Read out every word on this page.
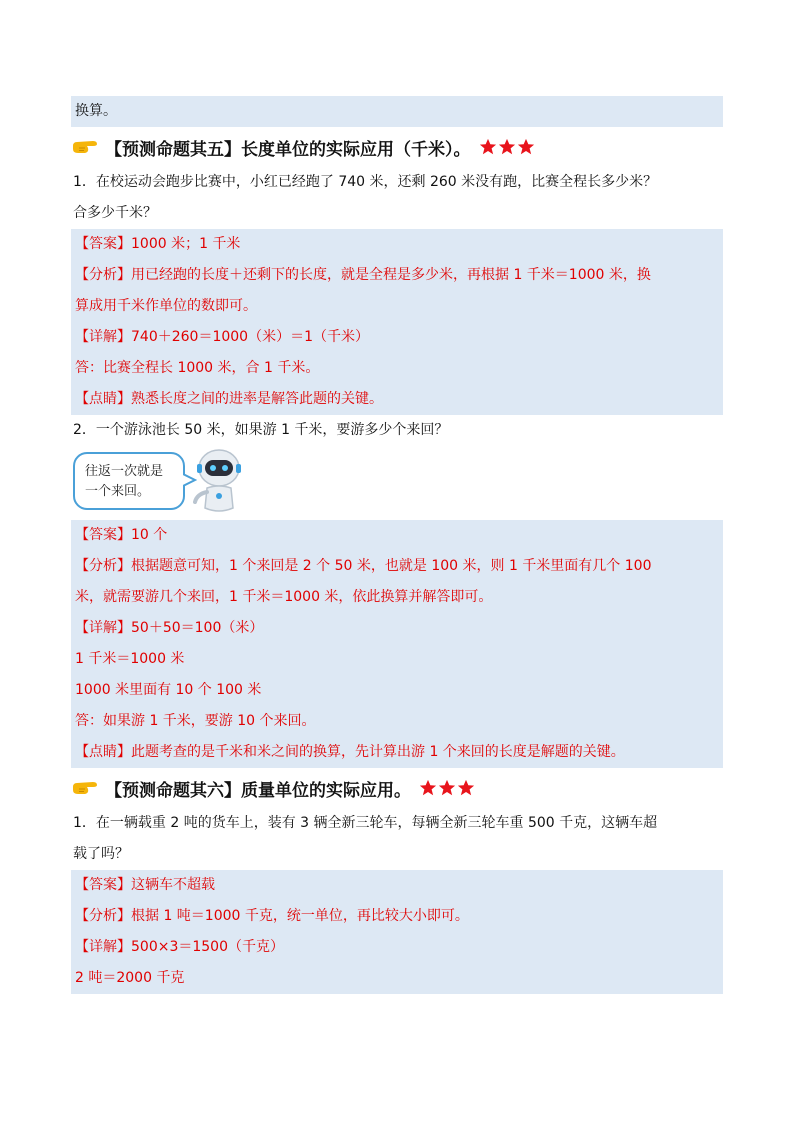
换算。
【预测命题其五】长度单位的实际应用（千米）。
1．在校运动会跑步比赛中，小红已经跑了 740 米，还剩 260 米没有跑，比赛全程长多少米？
合多少千米？
【答案】1000 米；1 千米
【分析】用已经跑的长度＋还剩下的长度，就是全程是多少米，再根据 1 千米＝1000 米，换
算成用千米作单位的数即可。
【详解】740＋260＝1000（米）＝1（千米）
答：比赛全程长 1000 米，合 1 千米。
【点睛】熟悉长度之间的进率是解答此题的关键。
2．一个游泳池长 50 米，如果游 1 千米，要游多少个来回？
往返一次就是
一个来回。
【答案】10 个
【分析】根据题意可知，1 个来回是 2 个 50 米，也就是 100 米，则 1 千米里面有几个 100
米，就需要游几个来回，1 千米＝1000 米，依此换算并解答即可。
【详解】50＋50＝100（米）
1 千米＝1000 米
1000 米里面有 10 个 100 米
答：如果游 1 千米，要游 10 个来回。
【点睛】此题考查的是千米和米之间的换算，先计算出游 1 个来回的长度是解题的关键。
【预测命题其六】质量单位的实际应用。
1．在一辆载重 2 吨的货车上，装有 3 辆全新三轮车，每辆全新三轮车重 500 千克，这辆车超
载了吗？
【答案】这辆车不超载
【分析】根据 1 吨＝1000 千克，统一单位，再比较大小即可。
【详解】500×3＝1500（千克）
2 吨＝2000 千克
